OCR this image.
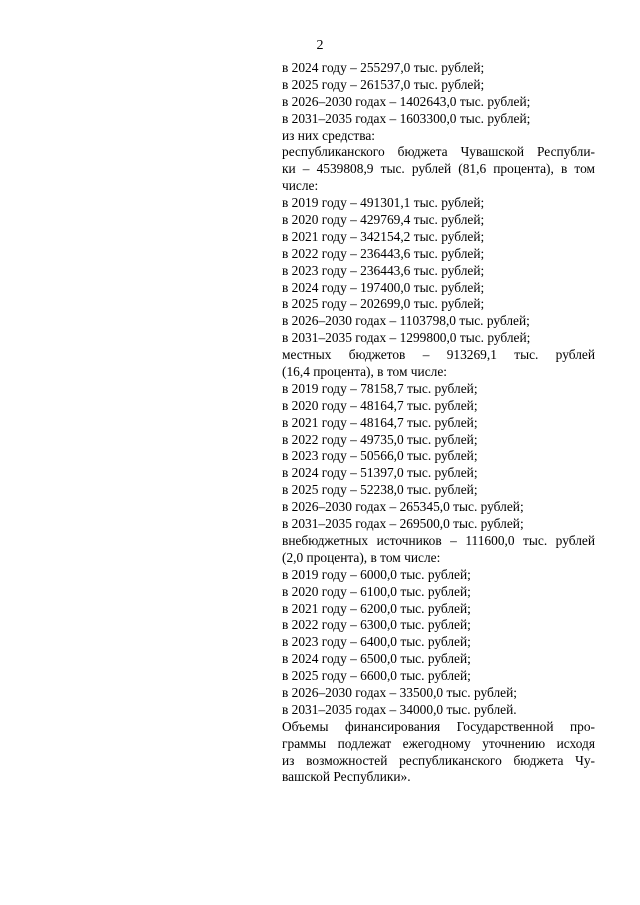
2
в 2024 году – 255297,0 тыс. рублей;
в 2025 году – 261537,0 тыс. рублей;
в 2026–2030 годах – 1402643,0 тыс. рублей;
в 2031–2035 годах – 1603300,0 тыс. рублей;
из них средства:
республиканского бюджета Чувашской Республи-
ки – 4539808,9 тыс. рублей (81,6 процента), в том
числе:
в 2019 году – 491301,1 тыс. рублей;
в 2020 году – 429769,4 тыс. рублей;
в 2021 году – 342154,2 тыс. рублей;
в 2022 году – 236443,6 тыс. рублей;
в 2023 году – 236443,6 тыс. рублей;
в 2024 году – 197400,0 тыс. рублей;
в 2025 году – 202699,0 тыс. рублей;
в 2026–2030 годах – 1103798,0 тыс. рублей;
в 2031–2035 годах – 1299800,0 тыс. рублей;
местных бюджетов – 913269,1 тыс. рублей
(16,4 процента), в том числе:
в 2019 году – 78158,7 тыс. рублей;
в 2020 году – 48164,7 тыс. рублей;
в 2021 году – 48164,7 тыс. рублей;
в 2022 году – 49735,0 тыс. рублей;
в 2023 году – 50566,0 тыс. рублей;
в 2024 году – 51397,0 тыс. рублей;
в 2025 году – 52238,0 тыс. рублей;
в 2026–2030 годах – 265345,0 тыс. рублей;
в 2031–2035 годах – 269500,0 тыс. рублей;
внебюджетных источников – 111600,0 тыс. рублей
(2,0 процента), в том числе:
в 2019 году – 6000,0 тыс. рублей;
в 2020 году – 6100,0 тыс. рублей;
в 2021 году – 6200,0 тыс. рублей;
в 2022 году – 6300,0 тыс. рублей;
в 2023 году – 6400,0 тыс. рублей;
в 2024 году – 6500,0 тыс. рублей;
в 2025 году – 6600,0 тыс. рублей;
в 2026–2030 годах – 33500,0 тыс. рублей;
в 2031–2035 годах – 34000,0 тыс. рублей.
Объемы финансирования Государственной про-
граммы подлежат ежегодному уточнению исходя
из возможностей республиканского бюджета Чу-
вашской Республики».
